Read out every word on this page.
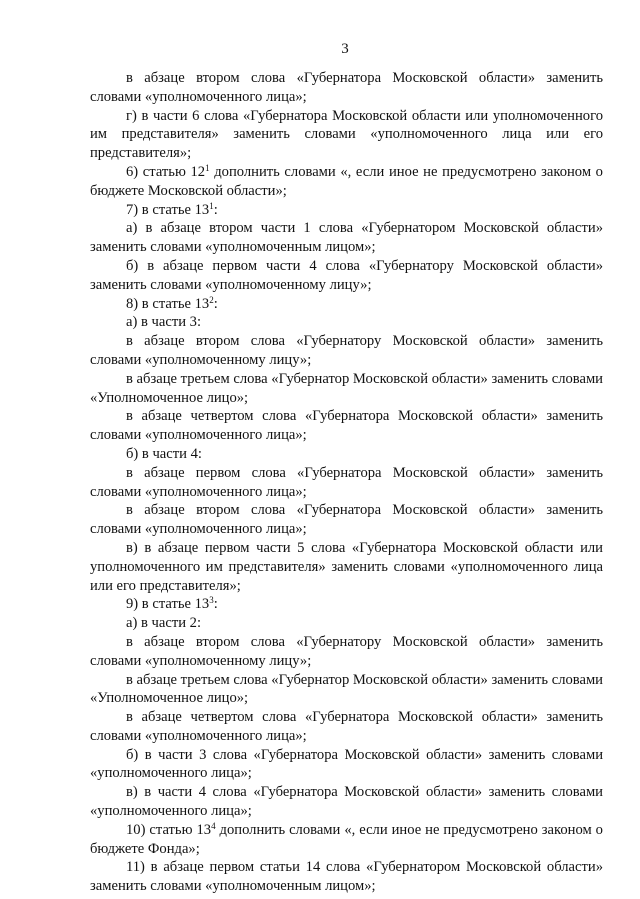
3

в абзаце втором слова «Губернатора Московской области» заменить словами «уполномоченного лица»;

г) в части 6 слова «Губернатора Московской области или уполномоченного им представителя» заменить словами «уполномоченного лица или его представителя»;

6) статью $12^1$ дополнить словами «, если иное не предусмотрено законом о бюджете Московской области»;

7) в статье $13^1$:

а) в абзаце втором части 1 слова «Губернатором Московской области» заменить словами «уполномоченным лицом»;

б) в абзаце первом части 4 слова «Губернатору Московской области» заменить словами «уполномоченному лицу»;

8) в статье $13^2$:

а) в части 3:

в абзаце втором слова «Губернатору Московской области» заменить словами «уполномоченному лицу»;

в абзаце третьем слова «Губернатор Московской области» заменить словами «Уполномоченное лицо»;

в абзаце четвертом слова «Губернатора Московской области» заменить словами «уполномоченного лица»;

б) в части 4:

в абзаце первом слова «Губернатора Московской области» заменить словами «уполномоченного лица»;

в абзаце втором слова «Губернатора Московской области» заменить словами «уполномоченного лица»;

в) в абзаце первом части 5 слова «Губернатора Московской области или уполномоченного им представителя» заменить словами «уполномоченного лица или его представителя»;

9) в статье $13^3$:

а) в части 2:

в абзаце втором слова «Губернатору Московской области» заменить словами «уполномоченному лицу»;

в абзаце третьем слова «Губернатор Московской области» заменить словами «Уполномоченное лицо»;

в абзаце четвертом слова «Губернатора Московской области» заменить словами «уполномоченного лица»;

б) в части 3 слова «Губернатора Московской области» заменить словами «уполномоченного лица»;

в) в части 4 слова «Губернатора Московской области» заменить словами «уполномоченного лица»;

10) статью $13^4$ дополнить словами «, если иное не предусмотрено законом о бюджете Фонда»;

11) в абзаце первом статьи 14 слова «Губернатором Московской области» заменить словами «уполномоченным лицом»;
